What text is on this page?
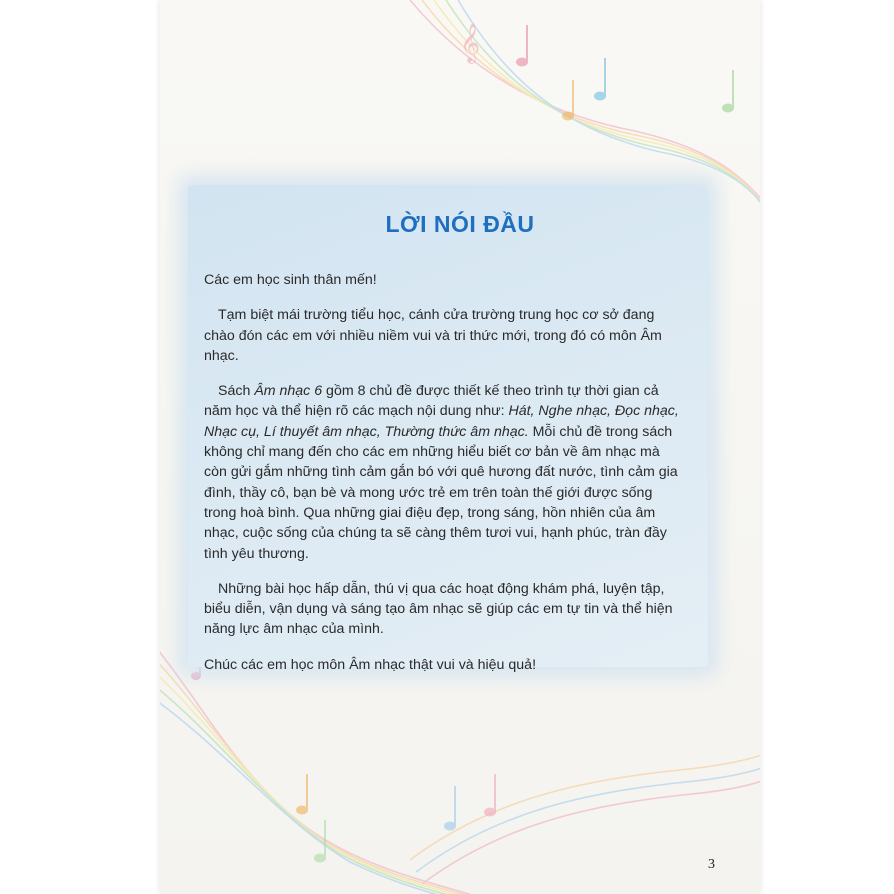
𝄞
LỜI NÓI ĐẦU

Các em học sinh thân mến!

Tạm biệt mái trường tiểu học, cánh cửa trường trung học cơ sở đang chào đón các em với nhiều niềm vui và tri thức mới, trong đó có môn Âm nhạc.

Sách Âm nhạc 6 gồm 8 chủ đề được thiết kế theo trình tự thời gian cả năm học và thể hiện rõ các mạch nội dung như: Hát, Nghe nhạc, Đọc nhạc, Nhạc cụ, Lí thuyết âm nhạc, Thường thức âm nhạc. Mỗi chủ đề trong sách không chỉ mang đến cho các em những hiểu biết cơ bản về âm nhạc mà còn gửi gắm những tình cảm gắn bó với quê hương đất nước, tình cảm gia đình, thầy cô, bạn bè và mong ước trẻ em trên toàn thế giới được sống trong hoà bình. Qua những giai điệu đẹp, trong sáng, hồn nhiên của âm nhạc, cuộc sống của chúng ta sẽ càng thêm tươi vui, hạnh phúc, tràn đầy tình yêu thương.

Những bài học hấp dẫn, thú vị qua các hoạt động khám phá, luyện tập, biểu diễn, vận dụng và sáng tạo âm nhạc sẽ giúp các em tự tin và thể hiện năng lực âm nhạc của mình.

Chúc các em học môn Âm nhạc thật vui và hiệu quả!

3
